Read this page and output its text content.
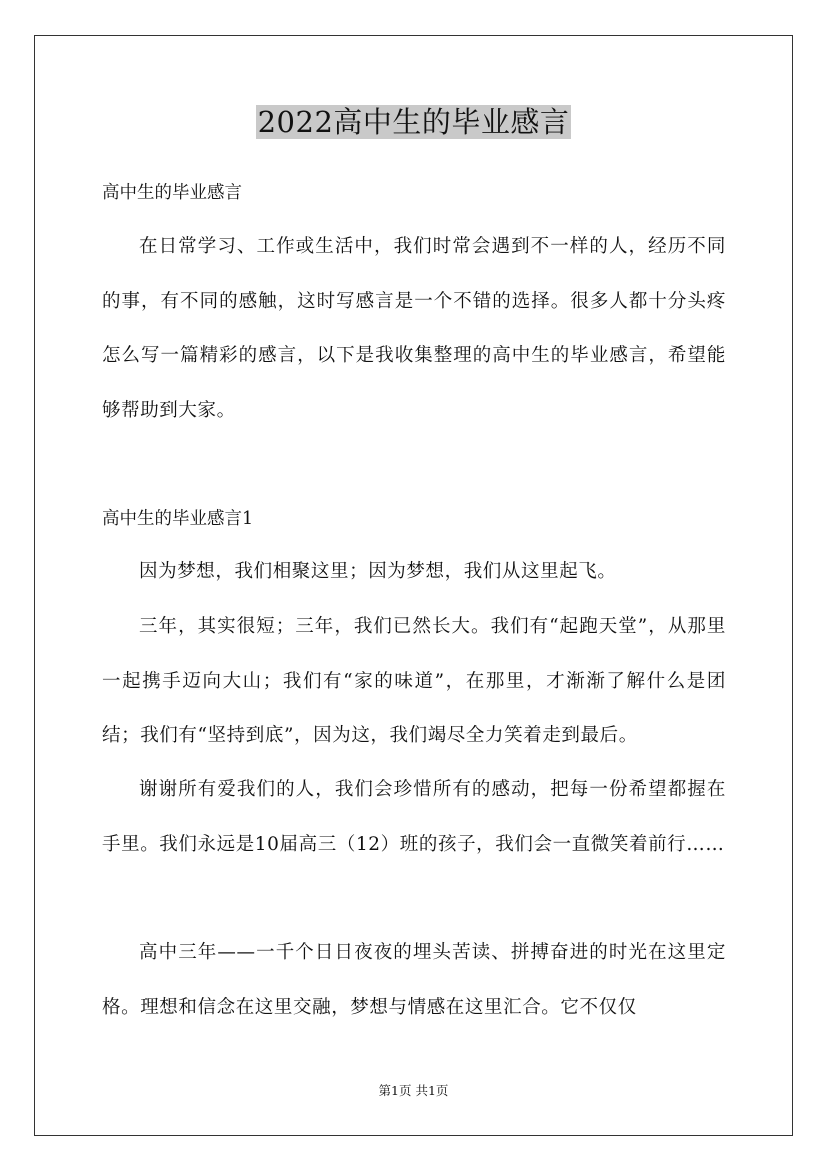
2022高中生的毕业感言
高中生的毕业感言

在日常学习、工作或生活中，我们时常会遇到不一样的人，经历不同的事，有不同的感触，这时写感言是一个不错的选择。很多人都十分头疼怎么写一篇精彩的感言，以下是我收集整理的高中生的毕业感言，希望能够帮助到大家。

高中生的毕业感言1

因为梦想，我们相聚这里；因为梦想，我们从这里起飞。

三年，其实很短；三年，我们已然长大。我们有“起跑天堂”，从那里一起携手迈向大山；我们有“家的味道”，在那里，才渐渐了解什么是团结；我们有“坚持到底”，因为这，我们竭尽全力笑着走到最后。

谢谢所有爱我们的人，我们会珍惜所有的感动，把每一份希望都握在手里。我们永远是10届高三（12）班的孩子，我们会一直微笑着前行……

高中三年——一千个日日夜夜的埋头苦读、拼搏奋进的时光在这里定格。理想和信念在这里交融，梦想与情感在这里汇合。它不仅仅

第1页 共1页
